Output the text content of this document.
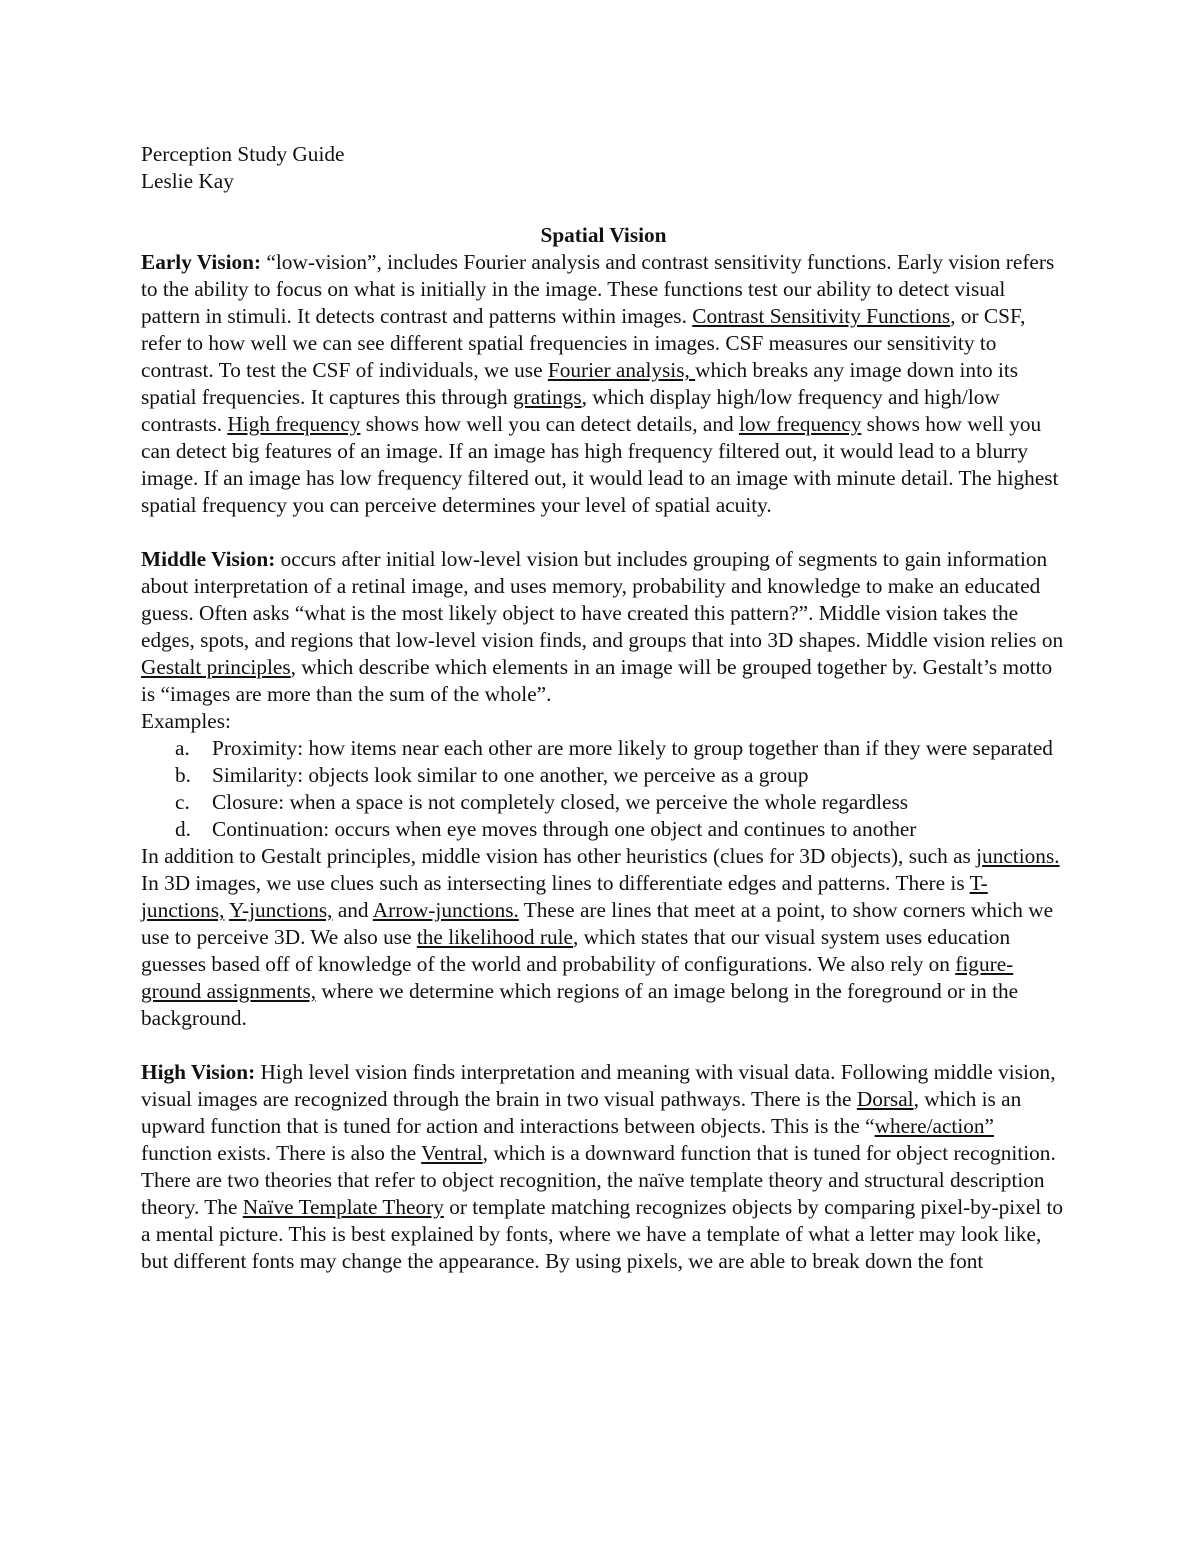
Perception Study Guide

Leslie Kay

Spatial Vision

Early Vision: “low-vision”, includes Fourier analysis and contrast sensitivity functions. Early vision refers to the ability to focus on what is initially in the image. These functions test our ability to detect visual pattern in stimuli. It detects contrast and patterns within images. Contrast Sensitivity Functions, or CSF, refer to how well we can see different spatial frequencies in images. CSF measures our sensitivity to contrast. To test the CSF of individuals, we use Fourier analysis, which breaks any image down into its spatial frequencies. It captures this through gratings, which display high/low frequency and high/low contrasts. High frequency shows how well you can detect details, and low frequency shows how well you can detect big features of an image. If an image has high frequency filtered out, it would lead to a blurry image. If an image has low frequency filtered out, it would lead to an image with minute detail. The highest spatial frequency you can perceive determines your level of spatial acuity.

Middle Vision: occurs after initial low-level vision but includes grouping of segments to gain information about interpretation of a retinal image, and uses memory, probability and knowledge to make an educated guess. Often asks “what is the most likely object to have created this pattern?”. Middle vision takes the edges, spots, and regions that low-level vision finds, and groups that into 3D shapes. Middle vision relies on Gestalt principles, which describe which elements in an image will be grouped together by. Gestalt’s motto is “images are more than the sum of the whole”.

Examples:

a.	Proximity: how items near each other are more likely to group together than if they were separated
b. Similarity: objects look similar to one another, we perceive as a group
c.	Closure: when a space is not completely closed, we perceive the whole regardless
d. Continuation: occurs when eye moves through one object and continues to another

In addition to Gestalt principles, middle vision has other heuristics (clues for 3D objects), such as junctions. In 3D images, we use clues such as intersecting lines to differentiate edges and patterns. There is T-junctions, Y-junctions, and Arrow-junctions. These are lines that meet at a point, to show corners which we use to perceive 3D. We also use the likelihood rule, which states that our visual system uses education guesses based off of knowledge of the world and probability of configurations. We also rely on figure-ground assignments, where we determine which regions of an image belong in the foreground or in the background.

High Vision: High level vision finds interpretation and meaning with visual data. Following middle vision, visual images are recognized through the brain in two visual pathways. There is the Dorsal, which is an upward function that is tuned for action and interactions between objects. This is the “where/action” function exists. There is also the Ventral, which is a downward function that is tuned for object recognition. There are two theories that refer to object recognition, the naïve template theory and structural description theory. The Naïve Template Theory or template matching recognizes objects by comparing pixel-by-pixel to a mental picture. This is best explained by fonts, where we have a template of what a letter may look like, but different fonts may change the appearance. By using pixels, we are able to break down the font
